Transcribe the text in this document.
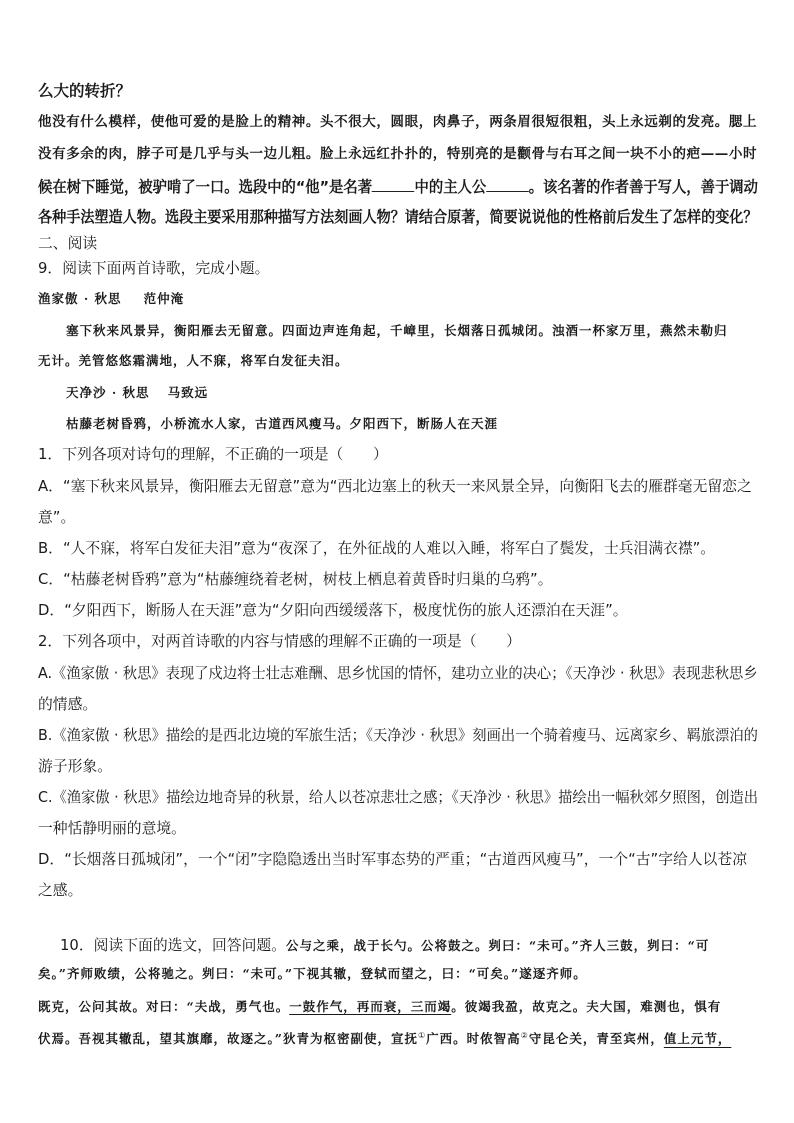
么大的转折？
他没有什么模样，使他可爱的是脸上的精神。头不很大，圆眼，肉鼻子，两条眉很短很粗，头上永远剃的发亮。腮上
没有多余的肉，脖子可是几乎与头一边儿粗。脸上永远红扑扑的，特别亮的是颧骨与右耳之间一块不小的疤——小时
候在树下睡觉，被驴啃了一口。选段中的“他”是名著	中的主人公	。该名著的作者善于写人，善于调动
各种手法塑造人物。选段主要采用那种描写方法刻画人物？请结合原著，简要说说他的性格前后发生了怎样的变化？
二、阅读
9．阅读下面两首诗歌，完成小题。
渔家傲 · 秋思 范仲淹
塞下秋来风景异，衡阳雁去无留意。四面边声连角起，千嶂里，长烟落日孤城闭。浊酒一杯家万里，燕然未勒归
无计。羌管悠悠霜满地，人不寐，将军白发征夫泪。
天净沙 · 秋思 马致远
枯藤老树昏鸦，小桥流水人家，古道西风瘦马。夕阳西下，断肠人在天涯
1．下列各项对诗句的理解，不正确的一项是（　　）
A．“塞下秋来风景异，衡阳雁去无留意”意为“西北边塞上的秋天一来风景全异，向衡阳飞去的雁群毫无留恋之
意”。
B．“人不寐，将军白发征夫泪”意为“夜深了，在外征战的人难以入睡，将军白了鬓发，士兵泪满衣襟”。
C．“枯藤老树昏鸦”意为“枯藤缠绕着老树，树枝上栖息着黄昏时归巢的乌鸦”。
D．“夕阳西下，断肠人在天涯”意为“夕阳向西缓缓落下，极度忧伤的旅人还漂泊在天涯”。
2．下列各项中，对两首诗歌的内容与情感的理解不正确的一项是（　　）
A.《渔家傲 · 秋思》表现了戍边将士壮志难酬、思乡忧国的情怀，建功立业的决心；《天净沙 · 秋思》表现悲秋思乡
的情感。
B.《渔家傲 · 秋思》描绘的是西北边境的军旅生活；《天净沙 · 秋思》刻画出一个骑着瘦马、远离家乡、羁旅漂泊的
游子形象。
C.《渔家傲 · 秋思》描绘边地奇异的秋景，给人以苍凉悲壮之感；《天净沙 · 秋思》描绘出一幅秋郊夕照图，创造出
一种恬静明丽的意境。
D．“长烟落日孤城闭”，一个“闭”字隐隐透出当时军事态势的严重；“古道西风瘦马”，一个“古”字给人以苍凉
之感。
10．阅读下面的选文，回答问题。公与之乘，战于长勺。公将鼓之。刿曰：“未可。”齐人三鼓，刿曰：“可
矣。”齐师败绩，公将驰之。刿曰：“未可。”下视其辙，登轼而望之，曰：“可矣。”遂逐齐师。
既克，公问其故。对曰：“夫战，勇气也。一鼓作气，再而衰，三而竭。彼竭我盈，故克之。夫大国，难测也，惧有
伏焉。吾视其辙乱，望其旗靡，故逐之。”狄青为枢密副使，宣抚①广西。时侬智高②守昆仑关，青至宾州，值上元节，
